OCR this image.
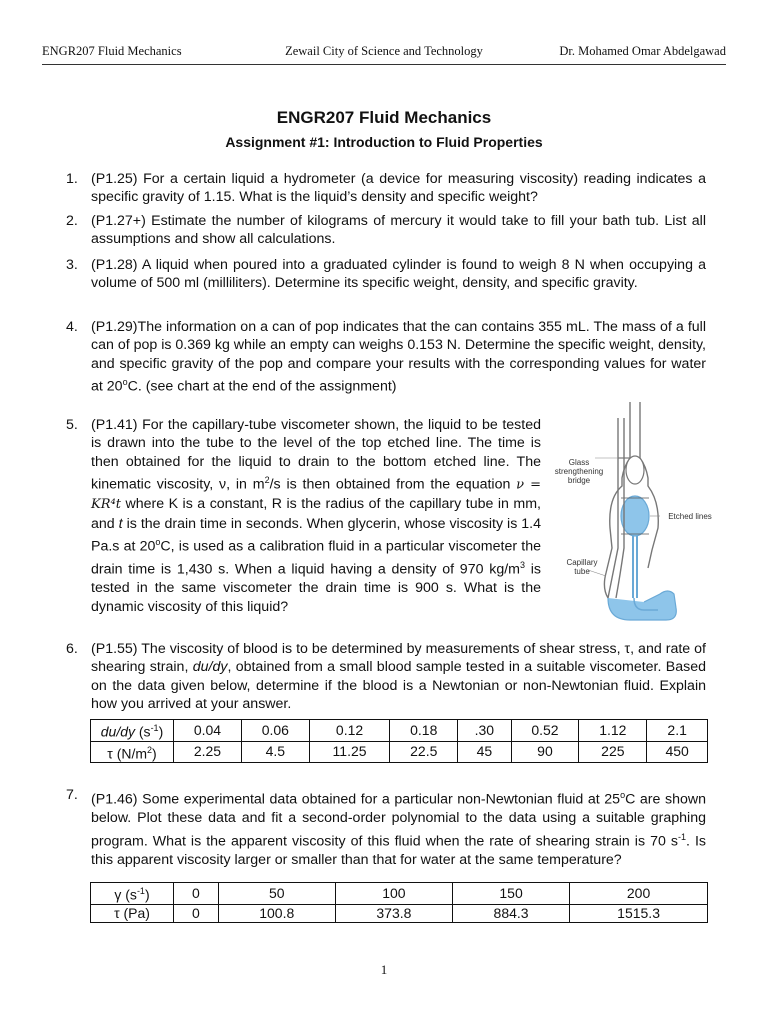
ENGR207 Fluid Mechanics	Zewail City of Science and Technology	Dr. Mohamed Omar Abdelgawad
ENGR207 Fluid Mechanics
Assignment #1: Introduction to Fluid Properties
1. (P1.25) For a certain liquid a hydrometer (a device for measuring viscosity) reading indicates a specific gravity of 1.15. What is the liquid’s density and specific weight?
2. (P1.27+) Estimate the number of kilograms of mercury it would take to fill your bath tub. List all assumptions and show all calculations.
3. (P1.28) A liquid when poured into a graduated cylinder is found to weigh 8 N when occupying a volume of 500 ml (milliliters). Determine its specific weight, density, and specific gravity.
4. (P1.29)The information on a can of pop indicates that the can contains 355 mL. The mass of a full can of pop is 0.369 kg while an empty can weighs 0.153 N. Determine the specific weight, density, and specific gravity of the pop and compare your results with the corresponding values for water at 20$^o$C. (see chart at the end of the assignment)
5. (P1.41) For the capillary-tube viscometer shown, the liquid to be tested is drawn into the tube to the level of the top etched line. The time is then obtained for the liquid to drain to the bottom etched line. The kinematic viscosity, ν, in $m^2/s$ is then obtained from the equation ν = KR⁴t where K is a constant, R is the radius of the capillary tube in mm, and t is the drain time in seconds. When glycerin, whose viscosity is 1.4 Pa.s at 20$^o$C, is used as a calibration fluid in a particular viscometer the drain time is 1,430 s. When a liquid having a density of 970 $kg/m^3$ is tested in the same viscometer the drain time is 900 s. What is the dynamic viscosity of this liquid?
Glass strengthening bridge
Etched lines
Capillary tube
6. (P1.55) The viscosity of blood is to be determined by measurements of shear stress, τ, and rate of shearing strain, du/dy, obtained from a small blood sample tested in a suitable viscometer. Based on the data given below, determine if the blood is a Newtonian or non-Newtonian fluid. Explain how you arrived at your answer.
du/dy $(s^{-1})$	0.04	0.06	0.12	0.18	.30	0.52	1.12	2.1
τ $(N/m^2)$	2.25	4.5	11.25	22.5	45	90	225	450
7. (P1.46) Some experimental data obtained for a particular non-Newtonian fluid at 25$^o$C are shown below. Plot these data and fit a second-order polynomial to the data using a suitable graphing program. What is the apparent viscosity of this fluid when the rate of shearing strain is 70 $s^{-1}$. Is this apparent viscosity larger or smaller than that for water at the same temperature?
γ $(s^{-1})$	0	50	100	150	200
τ (Pa)	0	100.8	373.8	884.3	1515.3
1
